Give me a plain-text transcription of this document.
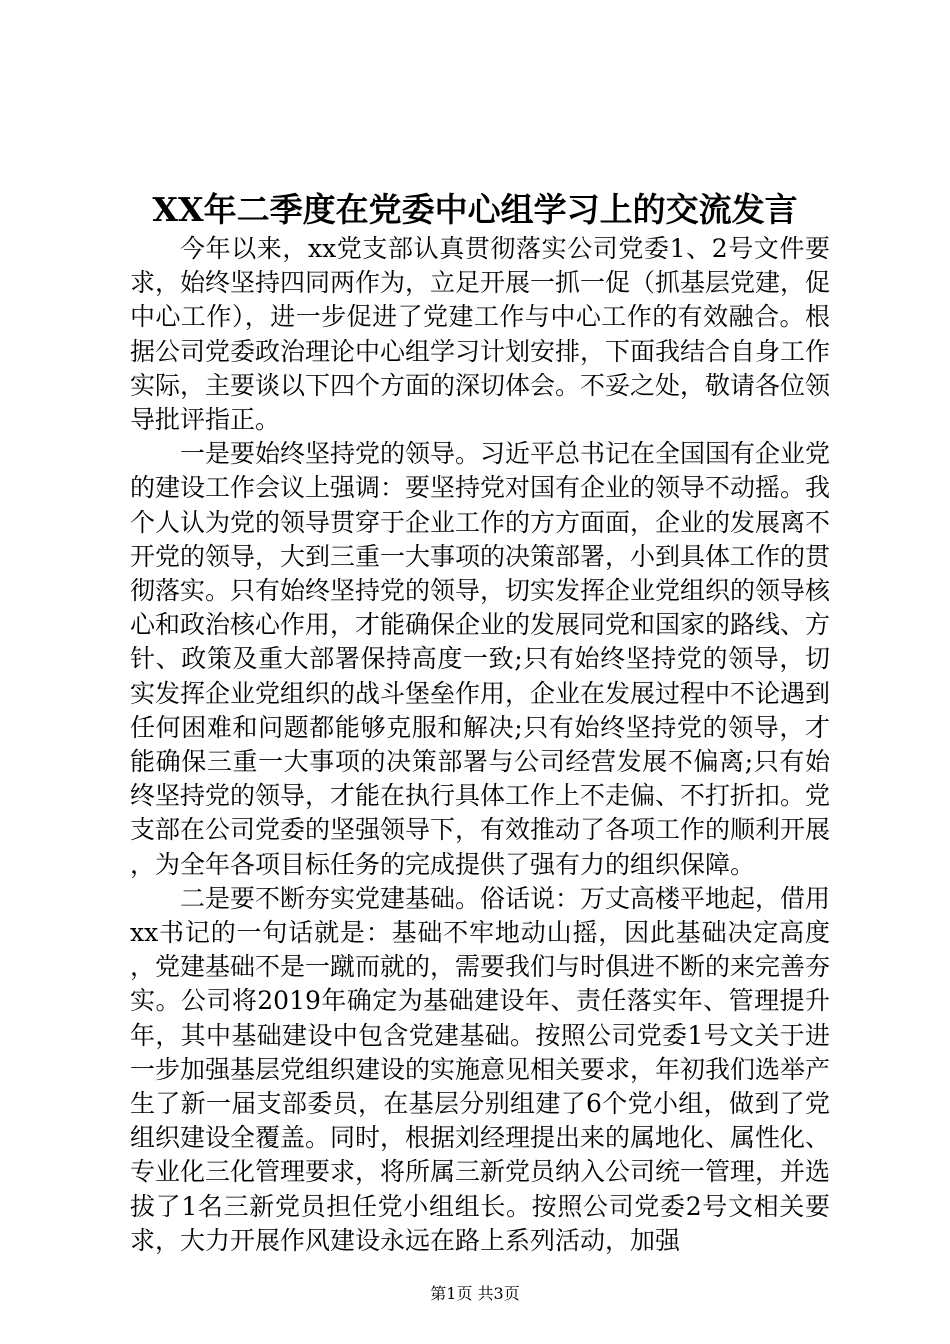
XX年二季度在党委中心组学习上的交流发言

今年以来，xx党支部认真贯彻落实公司党委1、2号文件要求，始终坚持四同两作为，立足开展一抓一促（抓基层党建，促中心工作），进一步促进了党建工作与中心工作的有效融合。根据公司党委政治理论中心组学习计划安排，下面我结合自身工作实际，主要谈以下四个方面的深切体会。不妥之处，敬请各位领导批评指正。

一是要始终坚持党的领导。习近平总书记在全国国有企业党的建设工作会议上强调：要坚持党对国有企业的领导不动摇。我个人认为党的领导贯穿于企业工作的方方面面，企业的发展离不开党的领导，大到三重一大事项的决策部署，小到具体工作的贯彻落实。只有始终坚持党的领导，切实发挥企业党组织的领导核心和政治核心作用，才能确保企业的发展同党和国家的路线、方针、政策及重大部署保持高度一致;只有始终坚持党的领导，切实发挥企业党组织的战斗堡垒作用，企业在发展过程中不论遇到任何困难和问题都能够克服和解决;只有始终坚持党的领导，才能确保三重一大事项的决策部署与公司经营发展不偏离;只有始终坚持党的领导，才能在执行具体工作上不走偏、不打折扣。党支部在公司党委的坚强领导下，有效推动了各项工作的顺利开展，为全年各项目标任务的完成提供了强有力的组织保障。

二是要不断夯实党建基础。俗话说：万丈高楼平地起，借用xx书记的一句话就是：基础不牢地动山摇，因此基础决定高度，党建基础不是一蹴而就的，需要我们与时俱进不断的来完善夯实。公司将2019年确定为基础建设年、责任落实年、管理提升年，其中基础建设中包含党建基础。按照公司党委1号文关于进一步加强基层党组织建设的实施意见相关要求，年初我们选举产生了新一届支部委员，在基层分别组建了6个党小组，做到了党组织建设全覆盖。同时，根据刘经理提出来的属地化、属性化、专业化三化管理要求，将所属三新党员纳入公司统一管理，并选拔了1名三新党员担任党小组组长。按照公司党委2号文相关要求，大力开展作风建设永远在路上系列活动，加强

第1页 共3页
